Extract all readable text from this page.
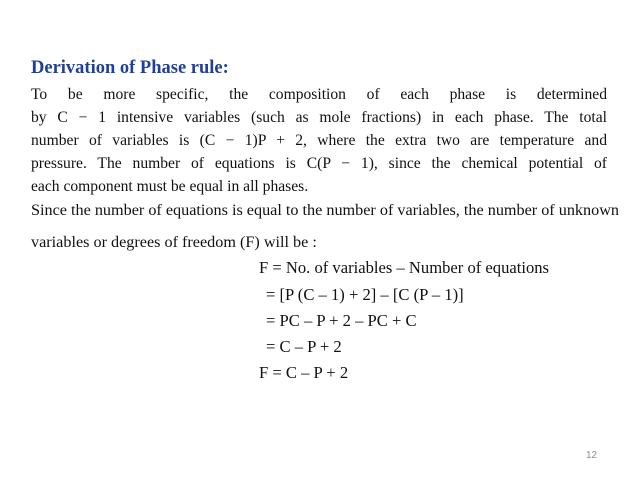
Derivation of Phase rule:
To be more specific, the composition of each phase is determined
by C − 1 intensive variables (such as mole fractions) in each phase. The total
number of variables is (C − 1)P + 2, where the extra two are temperature and
pressure. The number of equations is C(P − 1), since the chemical potential of
each component must be equal in all phases.
Since the number of equations is equal to the number of variables, the number of unknown
variables or degrees of freedom (F) will be :
F = No. of variables – Number of equations
= [P (C – 1) + 2] – [C (P – 1)]
= PC – P + 2 – PC + C
= C – P + 2
F = C – P + 2
12
